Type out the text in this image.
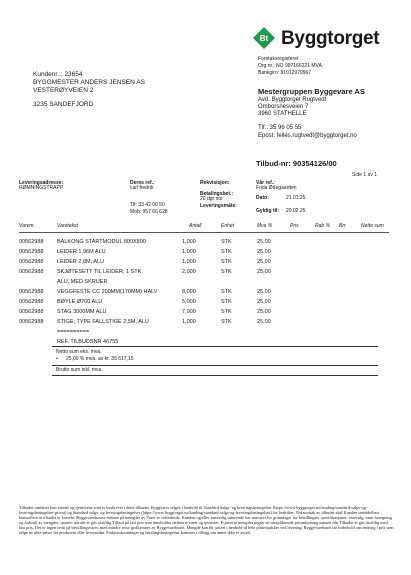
Bt Byggtorget
Foretaksregisteret
Org.nr.: NO 997166221 MVA
Bankgiro: 81012979967
Kundenr.:: 23654
BYGGMESTER ANDERS JENSEN AS
VESTERØYVEIEN 2
3235 SANDEFJORD
Mestergruppen Byggevare AS
Avd. Byggtorget Rugtvedt
Omborsnesveien 7
3960 STATHELLE
Tlf.: 35 96 05 55
Epost: felles.rugtvedt@byggtorget.no
Tilbud-nr: 90354126/00
Side 1 av 1
Leveringsadresse:
RØMNINGSTRAPP
Deres ref.:
carl fredrik
Tlf: 33 42 00 50
Mob: 957 66 628
Rekvisisjon:
Betalingsbet.:
20 dgr nto
Leveringsmåte:
Vår ref.:
Frida Ødegaarden
Dato:	21.01.25
Gyldig til: 20.02.25
Varenr.	Varetekst	Antall	Enhet	Mva %	Pris	Rab % Brr	Netto sum
00562988 BALKONG STARTMODUL 800X800	1,000	STK	25,00
00562988 LEIDER 1,96M ALU	1,000	STK	25,00
00562988 LEIDER 2,8M, ALU	1,000	STK	25,00
00562988 SKJØTESETT TIL LEIDER, 1 STK	2,000	STK	25,00
ALU, MED SKRUER
00562988 VEGGFESTE CC 200MM(170MM) HALV	8,000	STK	25,00
00562988 BØYLE Ø700 ALU	5,000	STK	25,00
00562988 STAG 3000MM ALU	7,000	STK	25,00
00562988 STIGE, TYPE FALLSTIGE 2,5M, ALU	1,000	STK	25,00
==========
REF. TILBUDSNR 46755
Netto sum eks. mva.
• 25,00 % mva. av kr. 35 617,15
Brutto sum inkl. mva.
Tilbudet omfatter kun varene og tjenestene som er beskrevet i dette tilbudet. Byggvarer selges i henhold til Standard Salgs- og leveringsbetingelser (https://www.byggtorget.no/landing/standard-salgs-og-leveringsbetingelser-privat) og Standard salgs- og leveringsbetingelser (https://www.byggtorget.no/landing/standard-salgs-og-leveringsbetingelser) for bedrifter. Ved mottak av tilbudet skal Kunden umiddelbart kontrollere at tilbudet er korrekt. Byggevarebasets estimat på mengder av Varer er veiledende. Kunden og/eller ansvarlig utførende har ansvaret for grunnlaget for bestillingen, spesifikasjoner, varevalg, samt beregning og forbruk av mengder, uansett når det er gitt skriftlig Tilbud på fast pris som inneholder definerte varer og tjenester. Estimerte mengder utgjør en ulorpliktende prisantydning uansett når Tilbudet er gitt skriftlig med fast pris. Det er ingen retur på bestillingsvarer, med mindre retur godkjennes av Byggevarehuset. Mengde kan bli justert i henhold til hele plater/pakker ved levering. Byggevarehuset tar forbehold om endring i pris som følge av økte priser fra produsent eller leverandør. Fraktomkostninger og betalingsbetingelser kommer i tillegg om annet ikke er avtalt.
